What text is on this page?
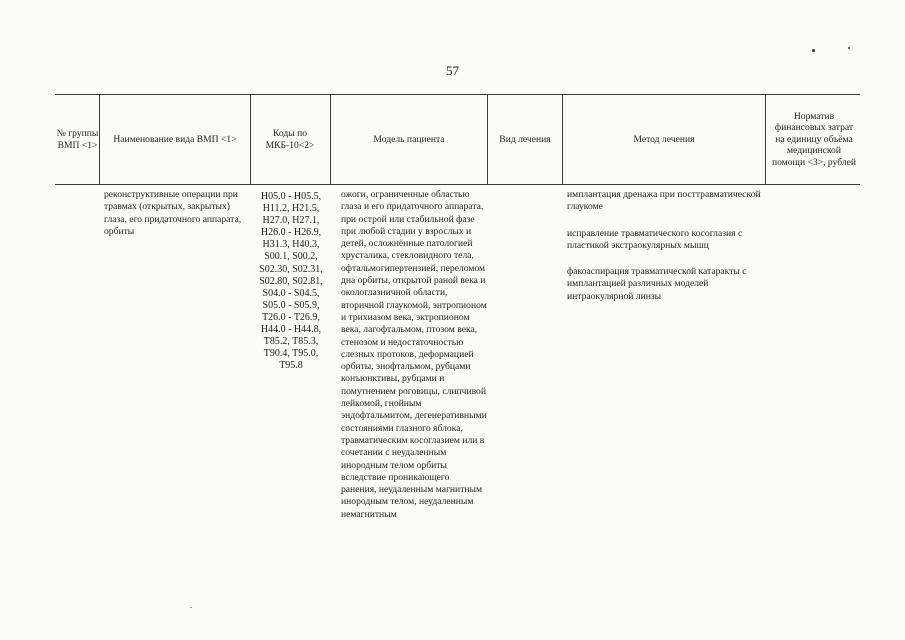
57
№ группы ВМП <1>
Наименование вида ВМП <1>
Коды по МКБ-10<2>
Модель пациента	Вид лечения	Метод лечения
Норматив финансовых затрат на единицу объёма медицинской помощи <3>, рублей
реконструктивные операции при травмах (открытых, закрытых) глаза, его придаточного аппарата, орбиты
H05.0 - H05.5, H11.2, H21.5, H27.0, H27.1, H26.0 - H26.9, H31.3, H40.3, S00.1, S00.2, S02.30, S02.31, S02.80, S02.81, S04.0 - S04.5, S05.0 - S05.9, T26.0 - T26.9, H44.0 - H44.8, T85.2, T85.3, T90.4, T95.0, T95.8
ожоги, ограниченные областью глаза и его придаточного аппарата, при острой или стабильной фазе при любой стадии у взрослых и детей, осложнённые патологией хрусталика, стекловидного тела, офтальмогипертензией, переломом дна орбиты, открытой раной века и окологлазничной области, вторичной глаукомой, энтропионом и трихиазом века, эктропионом века, лагофтальмом, птозом века, стенозом и недостаточностью слезных протоков, деформацией орбиты, энофтальмом, рубцами конъюнктивы, рубцами и помутнением роговицы, слипчивой лейкомой, гнойным эндофтальмитом, дегенеративными состояниями глазного яблока, травматическим косоглазием или в сочетании с неудаленным инородным телом орбиты вследствие проникающего ранения, неудаленным магнитным инородным телом, неудаленным немагнитным

имплантация дренажа при посттравматической глаукоме

исправление травматического косоглазия с пластикой экстраокулярных мышц

факоаспирация травматической катаракты с имплантацией различных моделей интраокулярной линзы
